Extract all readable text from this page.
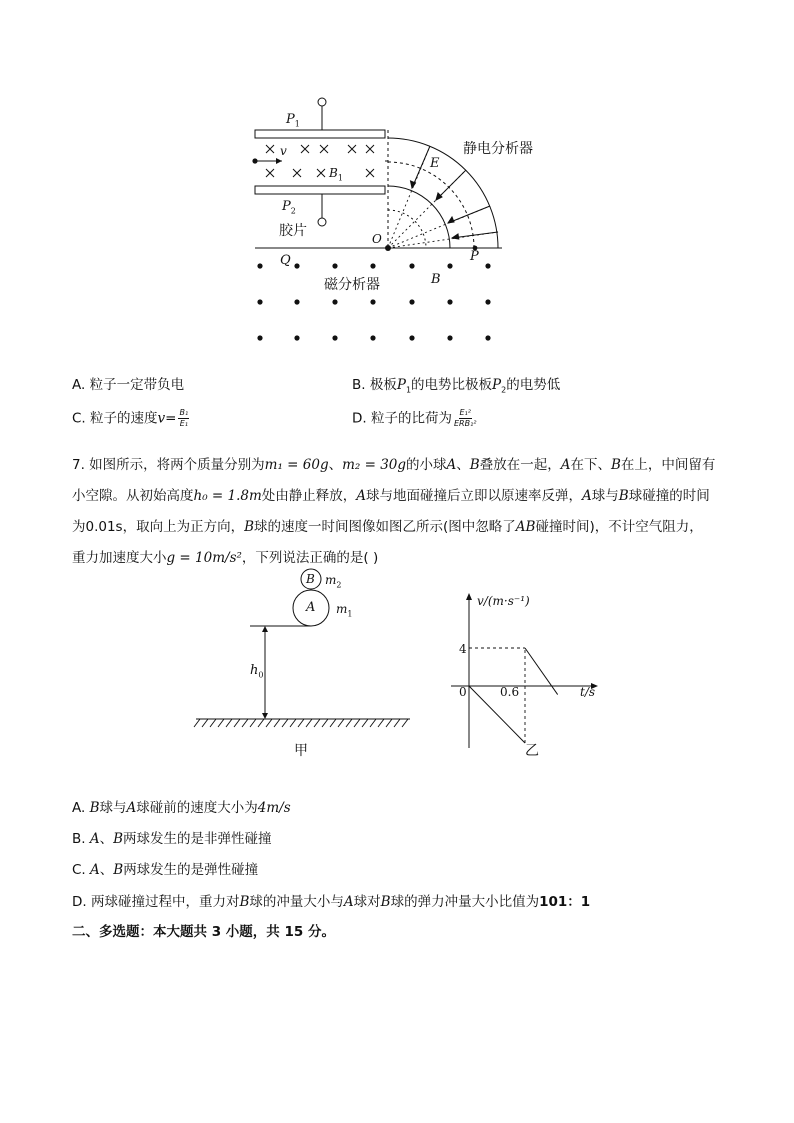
$P_1$
v
$B_1$
$P_2$
E
静电分析器
胶片	O
Q	P
磁分析器	B
A. 粒子一定带负电	B. 极板$P_1$的电势比极板$P_2$的电势低
C. 粒子的速度$v= \frac{\text{B₁}}{\text{E₁}}$	D. 粒子的比荷为 $\frac{\text{E₁²}}{\text{ERB₁²}}$
7. 如图所示，将两个质量分别为m₁ = 60g、m₂ = 30g的小球A、B叠放在一起，A在下、B在上，中间留有
小空隙。从初始高度h₀ = 1.8m处由静止释放，A球与地面碰撞后立即以原速率反弹，A球与B球碰撞的时间
为0.01s，取向上为正方向，B球的速度一时间图像如图乙所示(图中忽略了AB碰撞时间)，不计空气阻力，
重力加速度大小g = 10m/s²，下列说法正确的是( )
B
A
$m_2$
$m_1$
$h_0$
甲
v/(m·s⁻¹)
4
0	0.6	t/s
乙
A. B球与A球碰前的速度大小为4m/s
B. A、B两球发生的是非弹性碰撞
C. A、B两球发生的是弹性碰撞
D. 两球碰撞过程中，重力对B球的冲量大小与A球对B球的弹力冲量大小比值为101：1
二、多选题：本大题共 3 小题，共 15 分。
